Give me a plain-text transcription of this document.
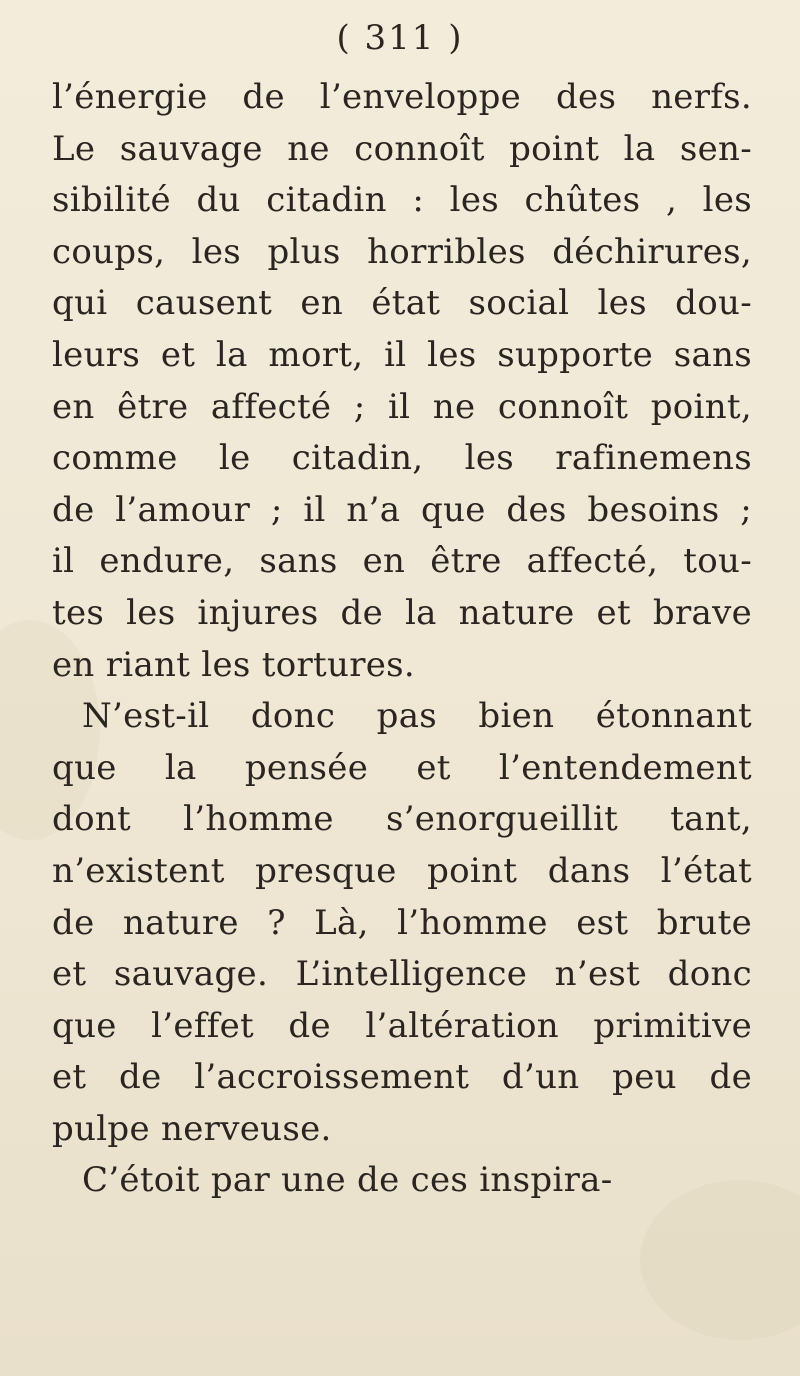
( 311 )
l’énergie de l’enveloppe des nerfs.
Le sauvage ne connoît point la sen-
sibilité du citadin : les chûtes , les
coups, les plus horribles déchirures,
qui causent en état social les dou-
leurs et la mort, il les supporte sans
en être affecté ; il ne connoît point,
comme le citadin, les rafinemens
de l’amour ; il n’a que des besoins ;
il endure, sans en être affecté, tou-
tes les injures de la nature et brave
en riant les tortures.
N’est-il donc pas bien étonnant
que la pensée et l’entendement
dont l’homme s’enorgueillit tant,
n’existent presque point dans l’état
de nature ? Là, l’homme est brute
et sauvage. L’intelligence n’est donc
que l’effet de l’altération primitive
et de l’accroissement d’un peu de
pulpe nerveuse.
C’étoit par une de ces inspira-
